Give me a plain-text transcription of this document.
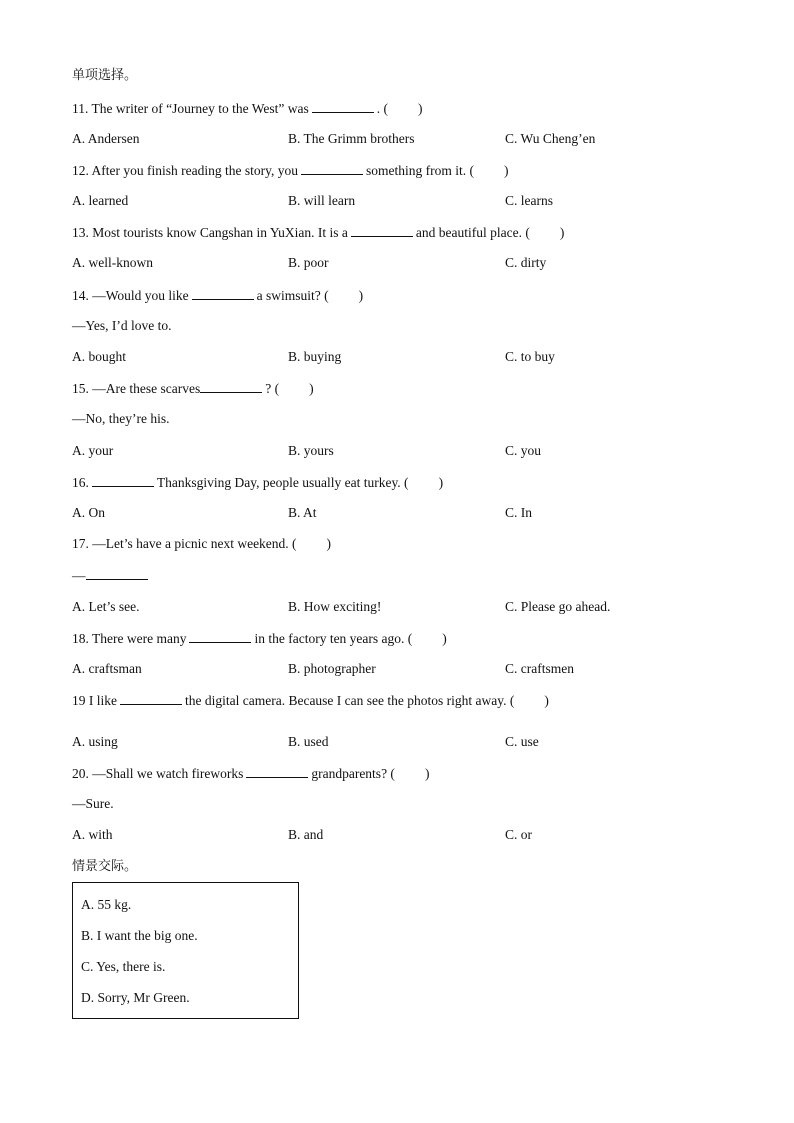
单项选择。
11. The writer of “Journey to the West” was	. ( )
A. Andersen	B. The Grimm brothers	C. Wu Cheng’en
12. After you finish reading the story, you	something from it. ( )
A. learned	B. will learn	C. learns
13. Most tourists know Cangshan in YuXian. It is a	and beautiful place. ( )
A. well-known	B. poor	C. dirty
14. —Would you like	a swimsuit? ( )
—Yes, I’d love to.
A. bought	B. buying	C. to buy
15. —Are these scarves	? ( )
—No, they’re his.
A. your	B. yours	C. you
16.	Thanksgiving Day, people usually eat turkey. ( )
A. On	B. At	C. In
17. —Let’s have a picnic next weekend. ( )
—
A. Let’s see.	B. How exciting!	C. Please go ahead.
18. There were many	in the factory ten years ago. ( )
A. craftsman	B. photographer	C. craftsmen
19 I like	the digital camera. Because I can see the photos right away. ( )
A. using	B. used	C. use
20. —Shall we watch fireworks	grandparents? ( )
—Sure.
A. with	B. and	C. or
情景交际。
A. 55 kg.
B. I want the big one.
C. Yes, there is.
D. Sorry, Mr Green.
